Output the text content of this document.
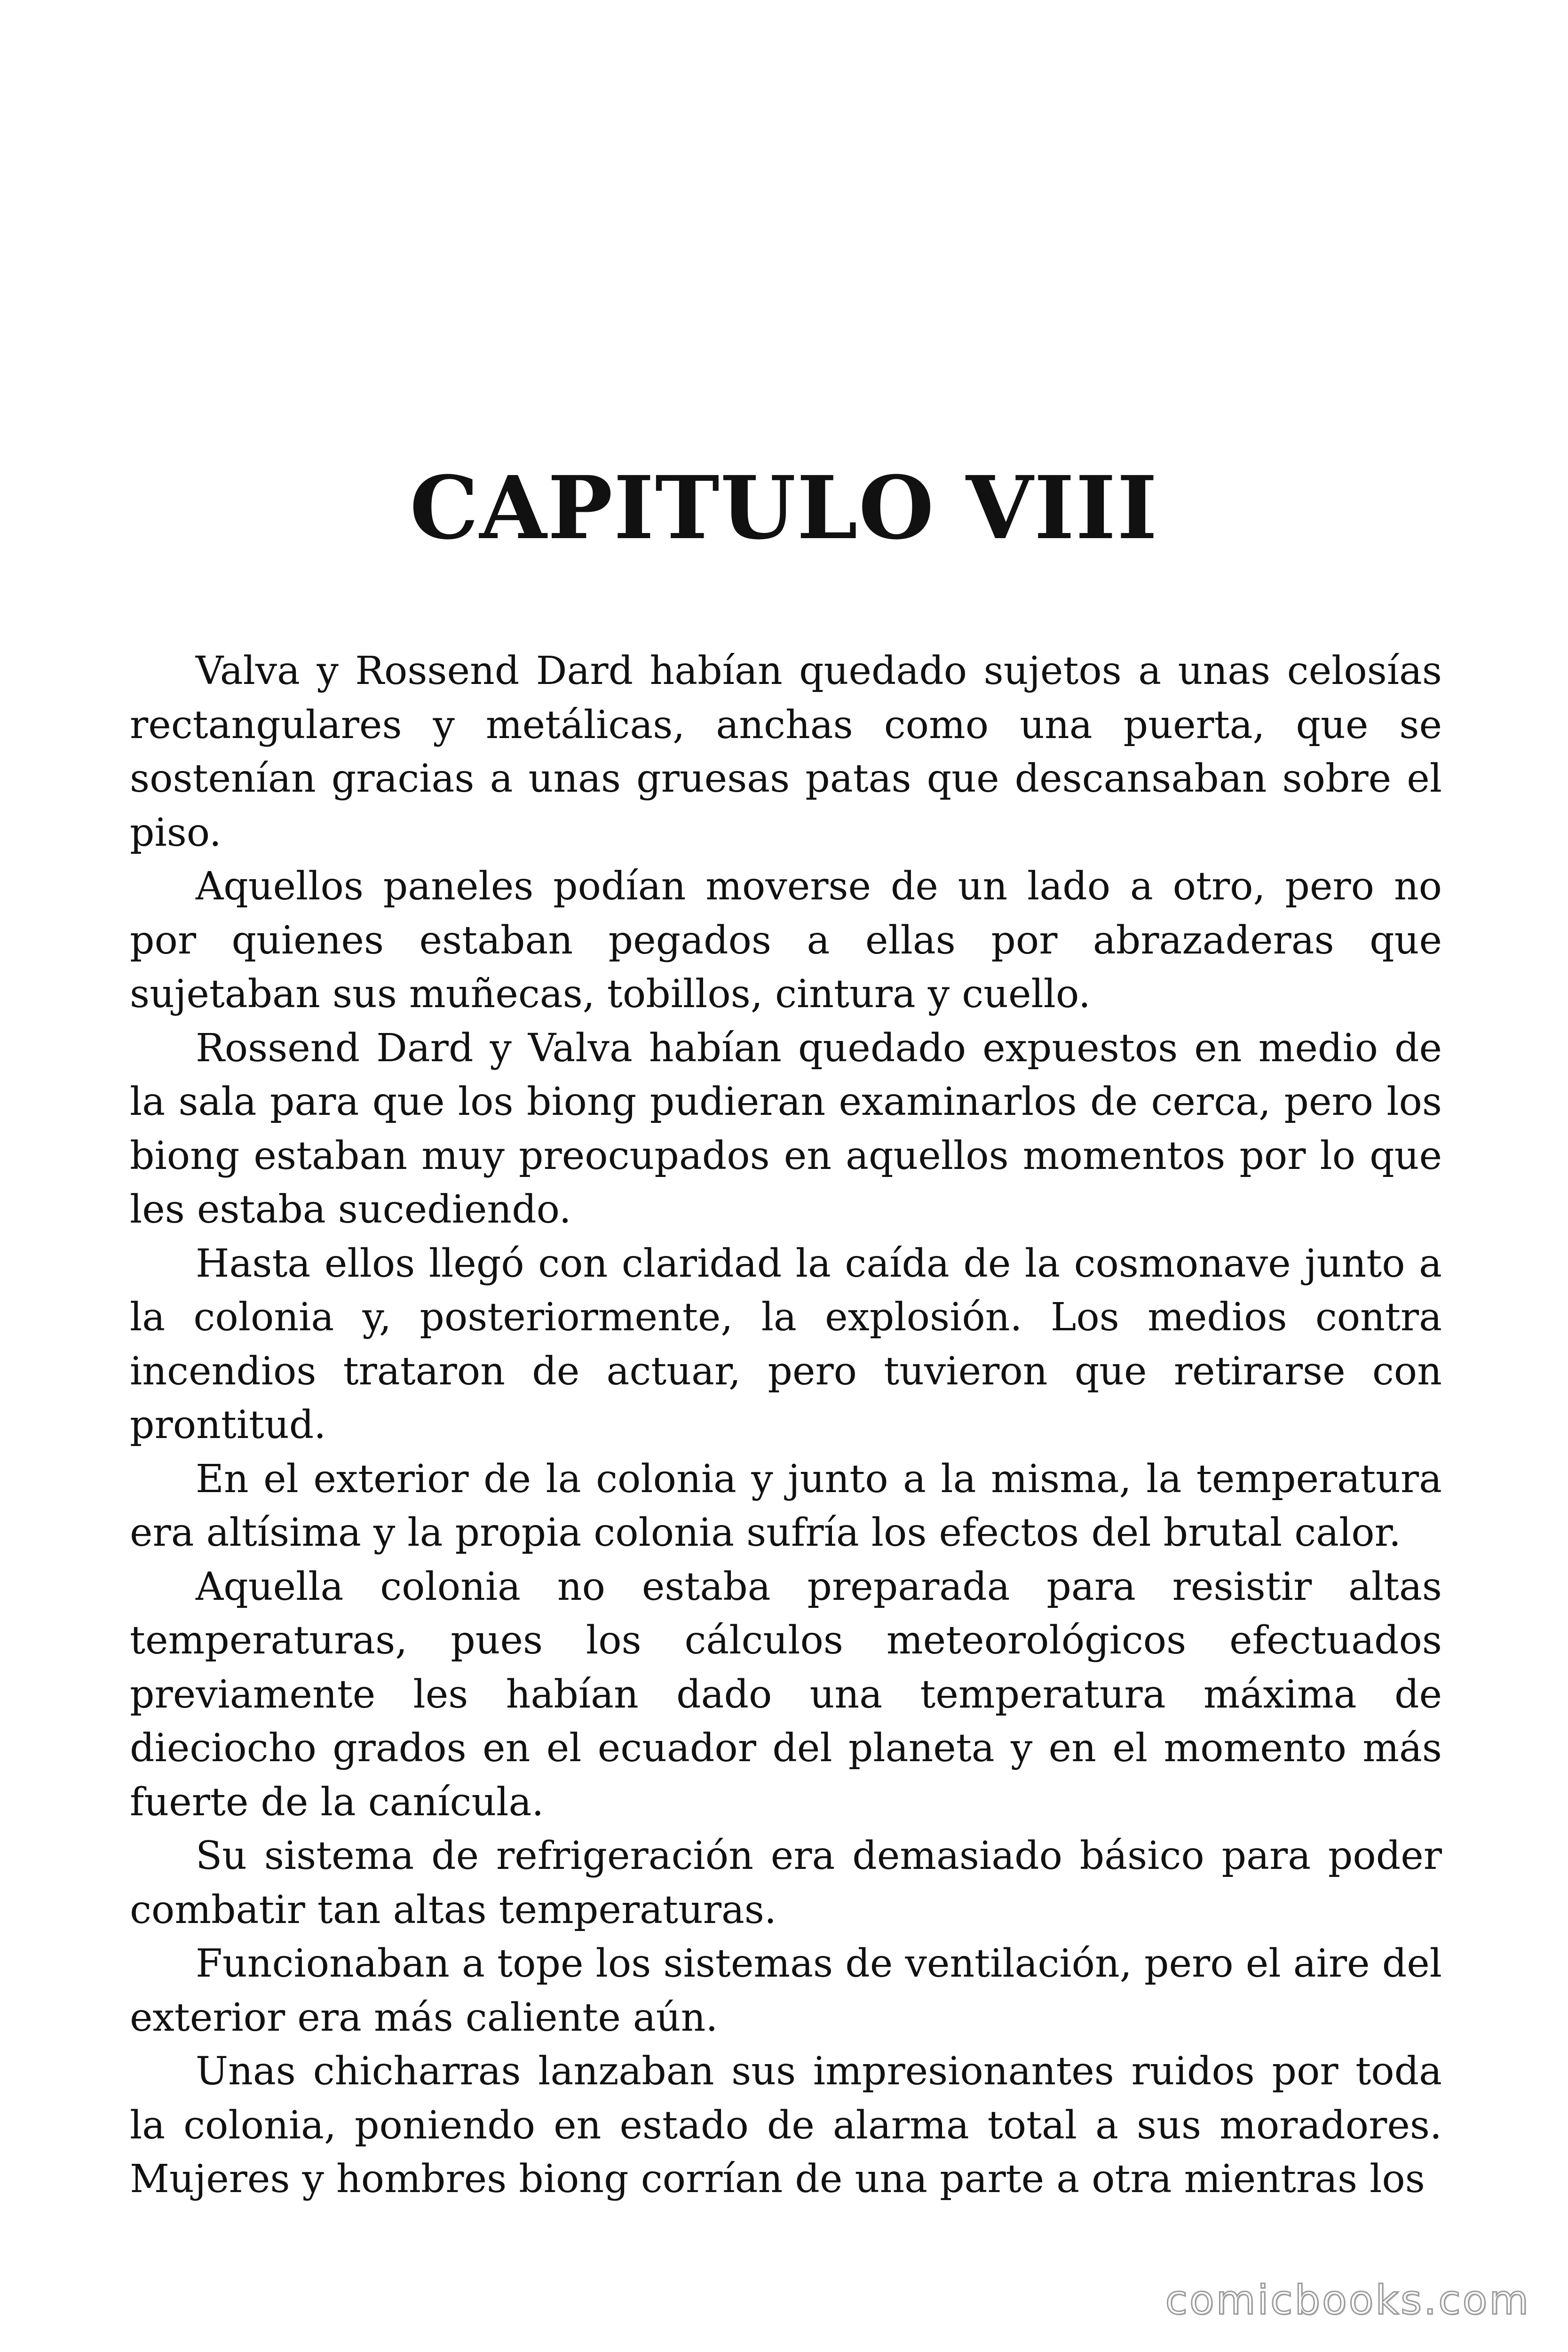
CAPITULO VIII

Valva y Rossend Dard habían quedado sujetos a unas celosías rectangulares y metálicas, anchas como una puerta, que se sostenían gracias a unas gruesas patas que descansaban sobre el piso.

Aquellos paneles podían moverse de un lado a otro, pero no por quienes estaban pegados a ellas por abrazaderas que sujetaban sus muñecas, tobillos, cintura y cuello.

Rossend Dard y Valva habían quedado expuestos en medio de la sala para que los biong pudieran examinarlos de cerca, pero los biong estaban muy preocupados en aquellos momentos por lo que les estaba sucediendo.

Hasta ellos llegó con claridad la caída de la cosmonave junto a la colonia y, posteriormente, la explosión. Los medios contra incendios trataron de actuar, pero tuvieron que retirarse con prontitud.

En el exterior de la colonia y junto a la misma, la temperatura era altísima y la propia colonia sufría los efectos del brutal calor.

Aquella colonia no estaba preparada para resistir altas temperaturas, pues los cálculos meteorológicos efectuados previamente les habían dado una temperatura máxima de dieciocho grados en el ecuador del planeta y en el momento más fuerte de la canícula.

Su sistema de refrigeración era demasiado básico para poder combatir tan altas temperaturas.

Funcionaban a tope los sistemas de ventilación, pero el aire del exterior era más caliente aún.

Unas chicharras lanzaban sus impresionantes ruidos por toda la colonia, poniendo en estado de alarma total a sus moradores. Mujeres y hombres biong corrían de una parte a otra mientras los

comicbooks.com
